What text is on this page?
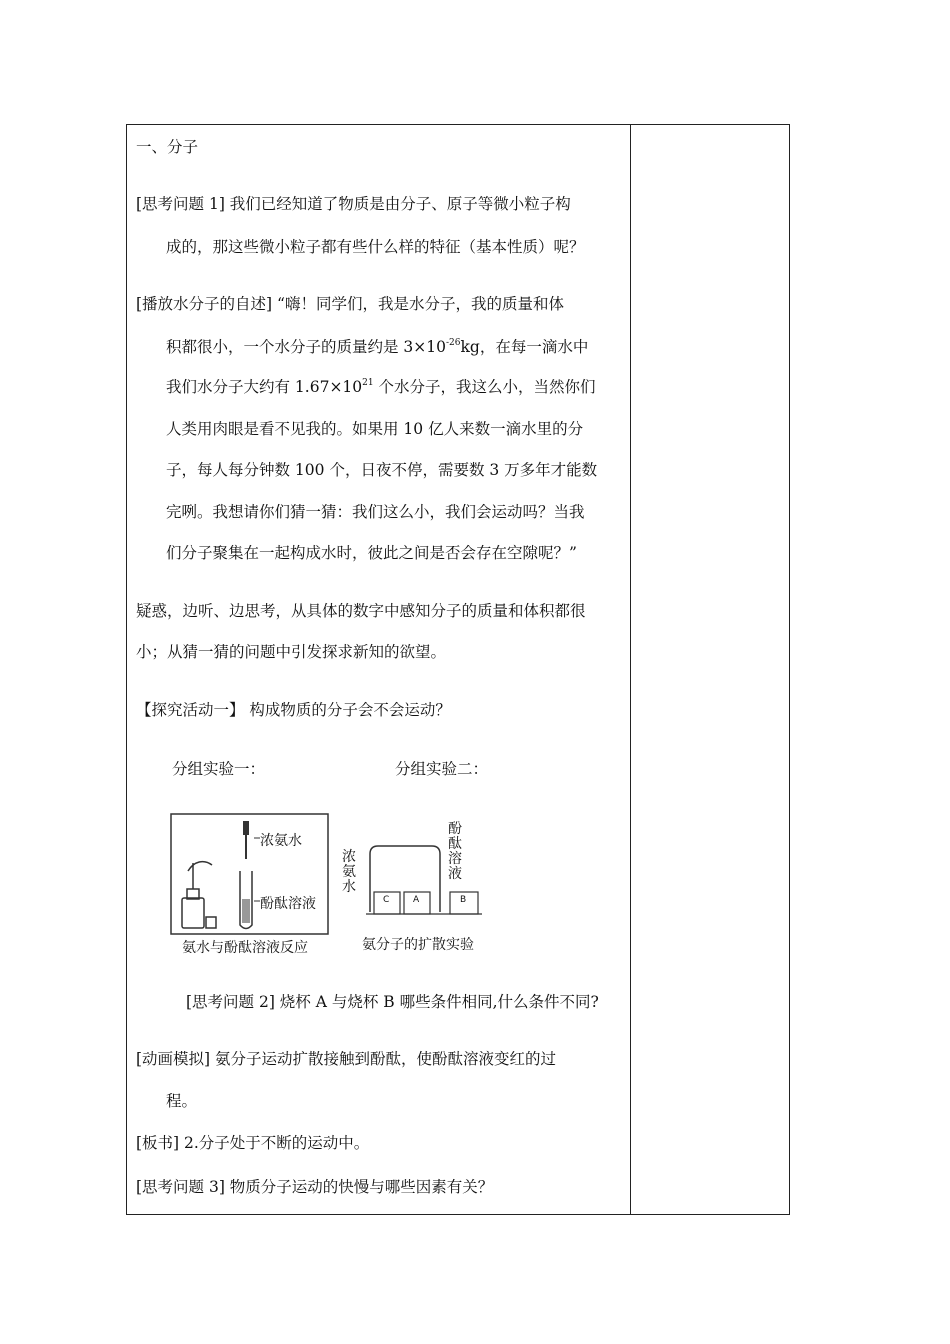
一、分子
[思考问题 1] 我们已经知道了物质是由分子、原子等微小粒子构
成的，那这些微小粒子都有些什么样的特征（基本性质）呢？
[播放水分子的自述] “嗨！同学们，我是水分子，我的质量和体
积都很小，一个水分子的质量约是 $3\times 10^{-26}kg$，在每一滴水中
我们水分子大约有 $1.67\times 10^{21}$ 个水分子，我这么小，当然你们
人类用肉眼是看不见我的。如果用 10 亿人来数一滴水里的分
子，每人每分钟数 100 个，日夜不停，需要数 3 万多年才能数
完咧。我想请你们猜一猜：我们这么小，我们会运动吗？当我
们分子聚集在一起构成水时，彼此之间是否会存在空隙呢？”
疑惑，边听、边思考，从具体的数字中感知分子的质量和体积都很
小；从猜一猜的问题中引发探求新知的欲望。
【探究活动一】 构成物质的分子会不会运动？
分组实验一：	分组实验二：
浓氨水
酚酞溶液
氨水与酚酞溶液反应
浓氨水
酚酞溶液
C	A	B
氨分子的扩散实验
[思考问题 2] 烧杯 A 与烧杯 B 哪些条件相同,什么条件不同?
[动画模拟] 氨分子运动扩散接触到酚酞，使酚酞溶液变红的过
程。
[板书] 2.分子处于不断的运动中。
[思考问题 3] 物质分子运动的快慢与哪些因素有关？
